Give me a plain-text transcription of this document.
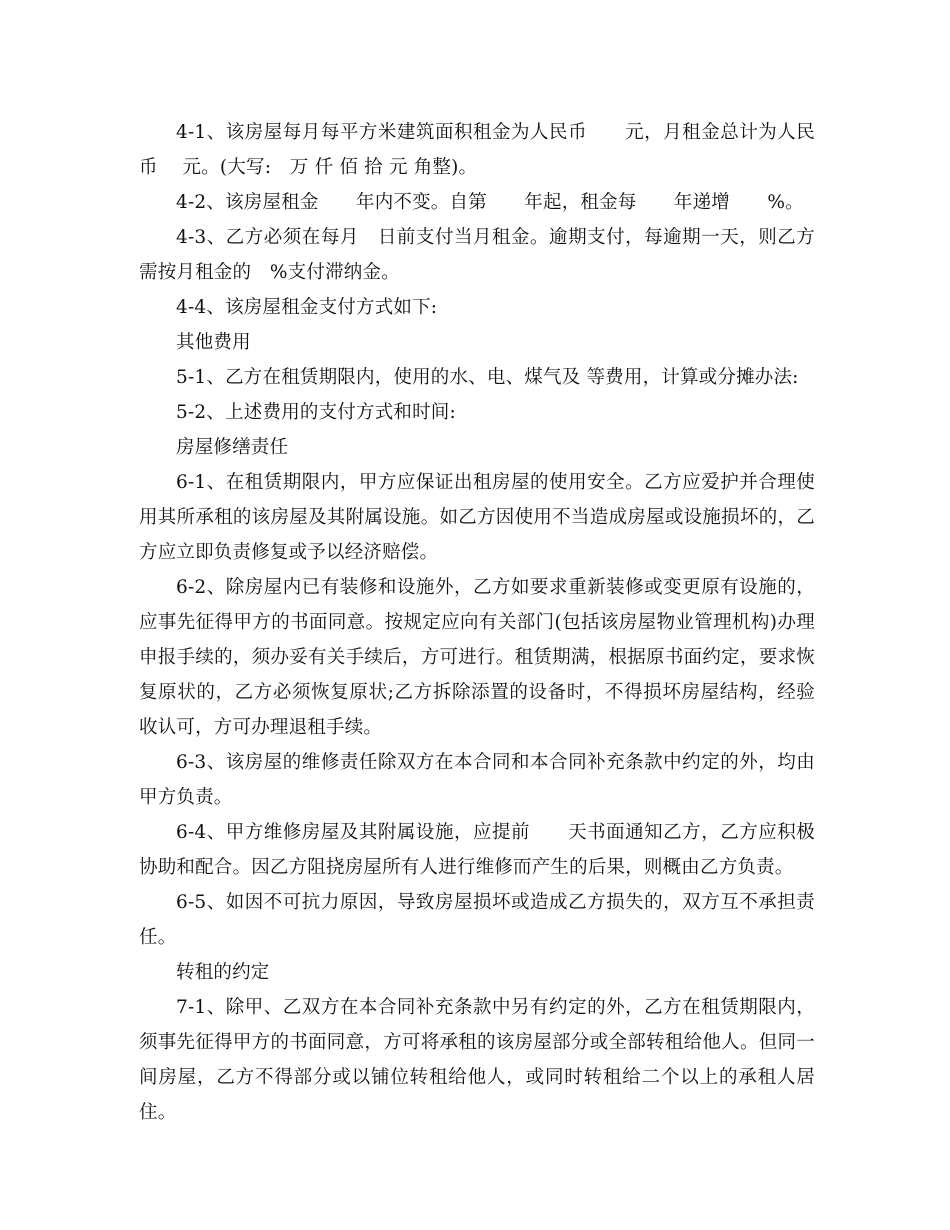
4-1、该房屋每月每平方米建筑面积租金为人民币　　元，月租金总计为人民币　 元。(大写:　万 仟 佰 拾 元 角整)。

4-2、该房屋租金　　年内不变。自第　　年起，租金每　　年递增　　%。

4-3、乙方必须在每月　日前支付当月租金。逾期支付，每逾期一天，则乙方需按月租金的　%支付滞纳金。

4-4、该房屋租金支付方式如下:

其他费用

5-1、乙方在租赁期限内，使用的水、电、煤气及 等费用，计算或分摊办法:

5-2、上述费用的支付方式和时间:

房屋修缮责任

6-1、在租赁期限内，甲方应保证出租房屋的使用安全。乙方应爱护并合理使用其所承租的该房屋及其附属设施。如乙方因使用不当造成房屋或设施损坏的，乙方应立即负责修复或予以经济赔偿。

6-2、除房屋内已有装修和设施外，乙方如要求重新装修或变更原有设施的，应事先征得甲方的书面同意。按规定应向有关部门(包括该房屋物业管理机构)办理申报手续的，须办妥有关手续后，方可进行。租赁期满，根据原书面约定，要求恢复原状的，乙方必须恢复原状;乙方拆除添置的设备时，不得损坏房屋结构，经验收认可，方可办理退租手续。

6-3、该房屋的维修责任除双方在本合同和本合同补充条款中约定的外，均由甲方负责。

6-4、甲方维修房屋及其附属设施，应提前　　天书面通知乙方，乙方应积极协助和配合。因乙方阻挠房屋所有人进行维修而产生的后果，则概由乙方负责。

6-5、如因不可抗力原因，导致房屋损坏或造成乙方损失的，双方互不承担责任。

转租的约定

7-1、除甲、乙双方在本合同补充条款中另有约定的外，乙方在租赁期限内，须事先征得甲方的书面同意，方可将承租的该房屋部分或全部转租给他人。但同一间房屋，乙方不得部分或以铺位转租给他人，或同时转租给二个以上的承租人居住。
